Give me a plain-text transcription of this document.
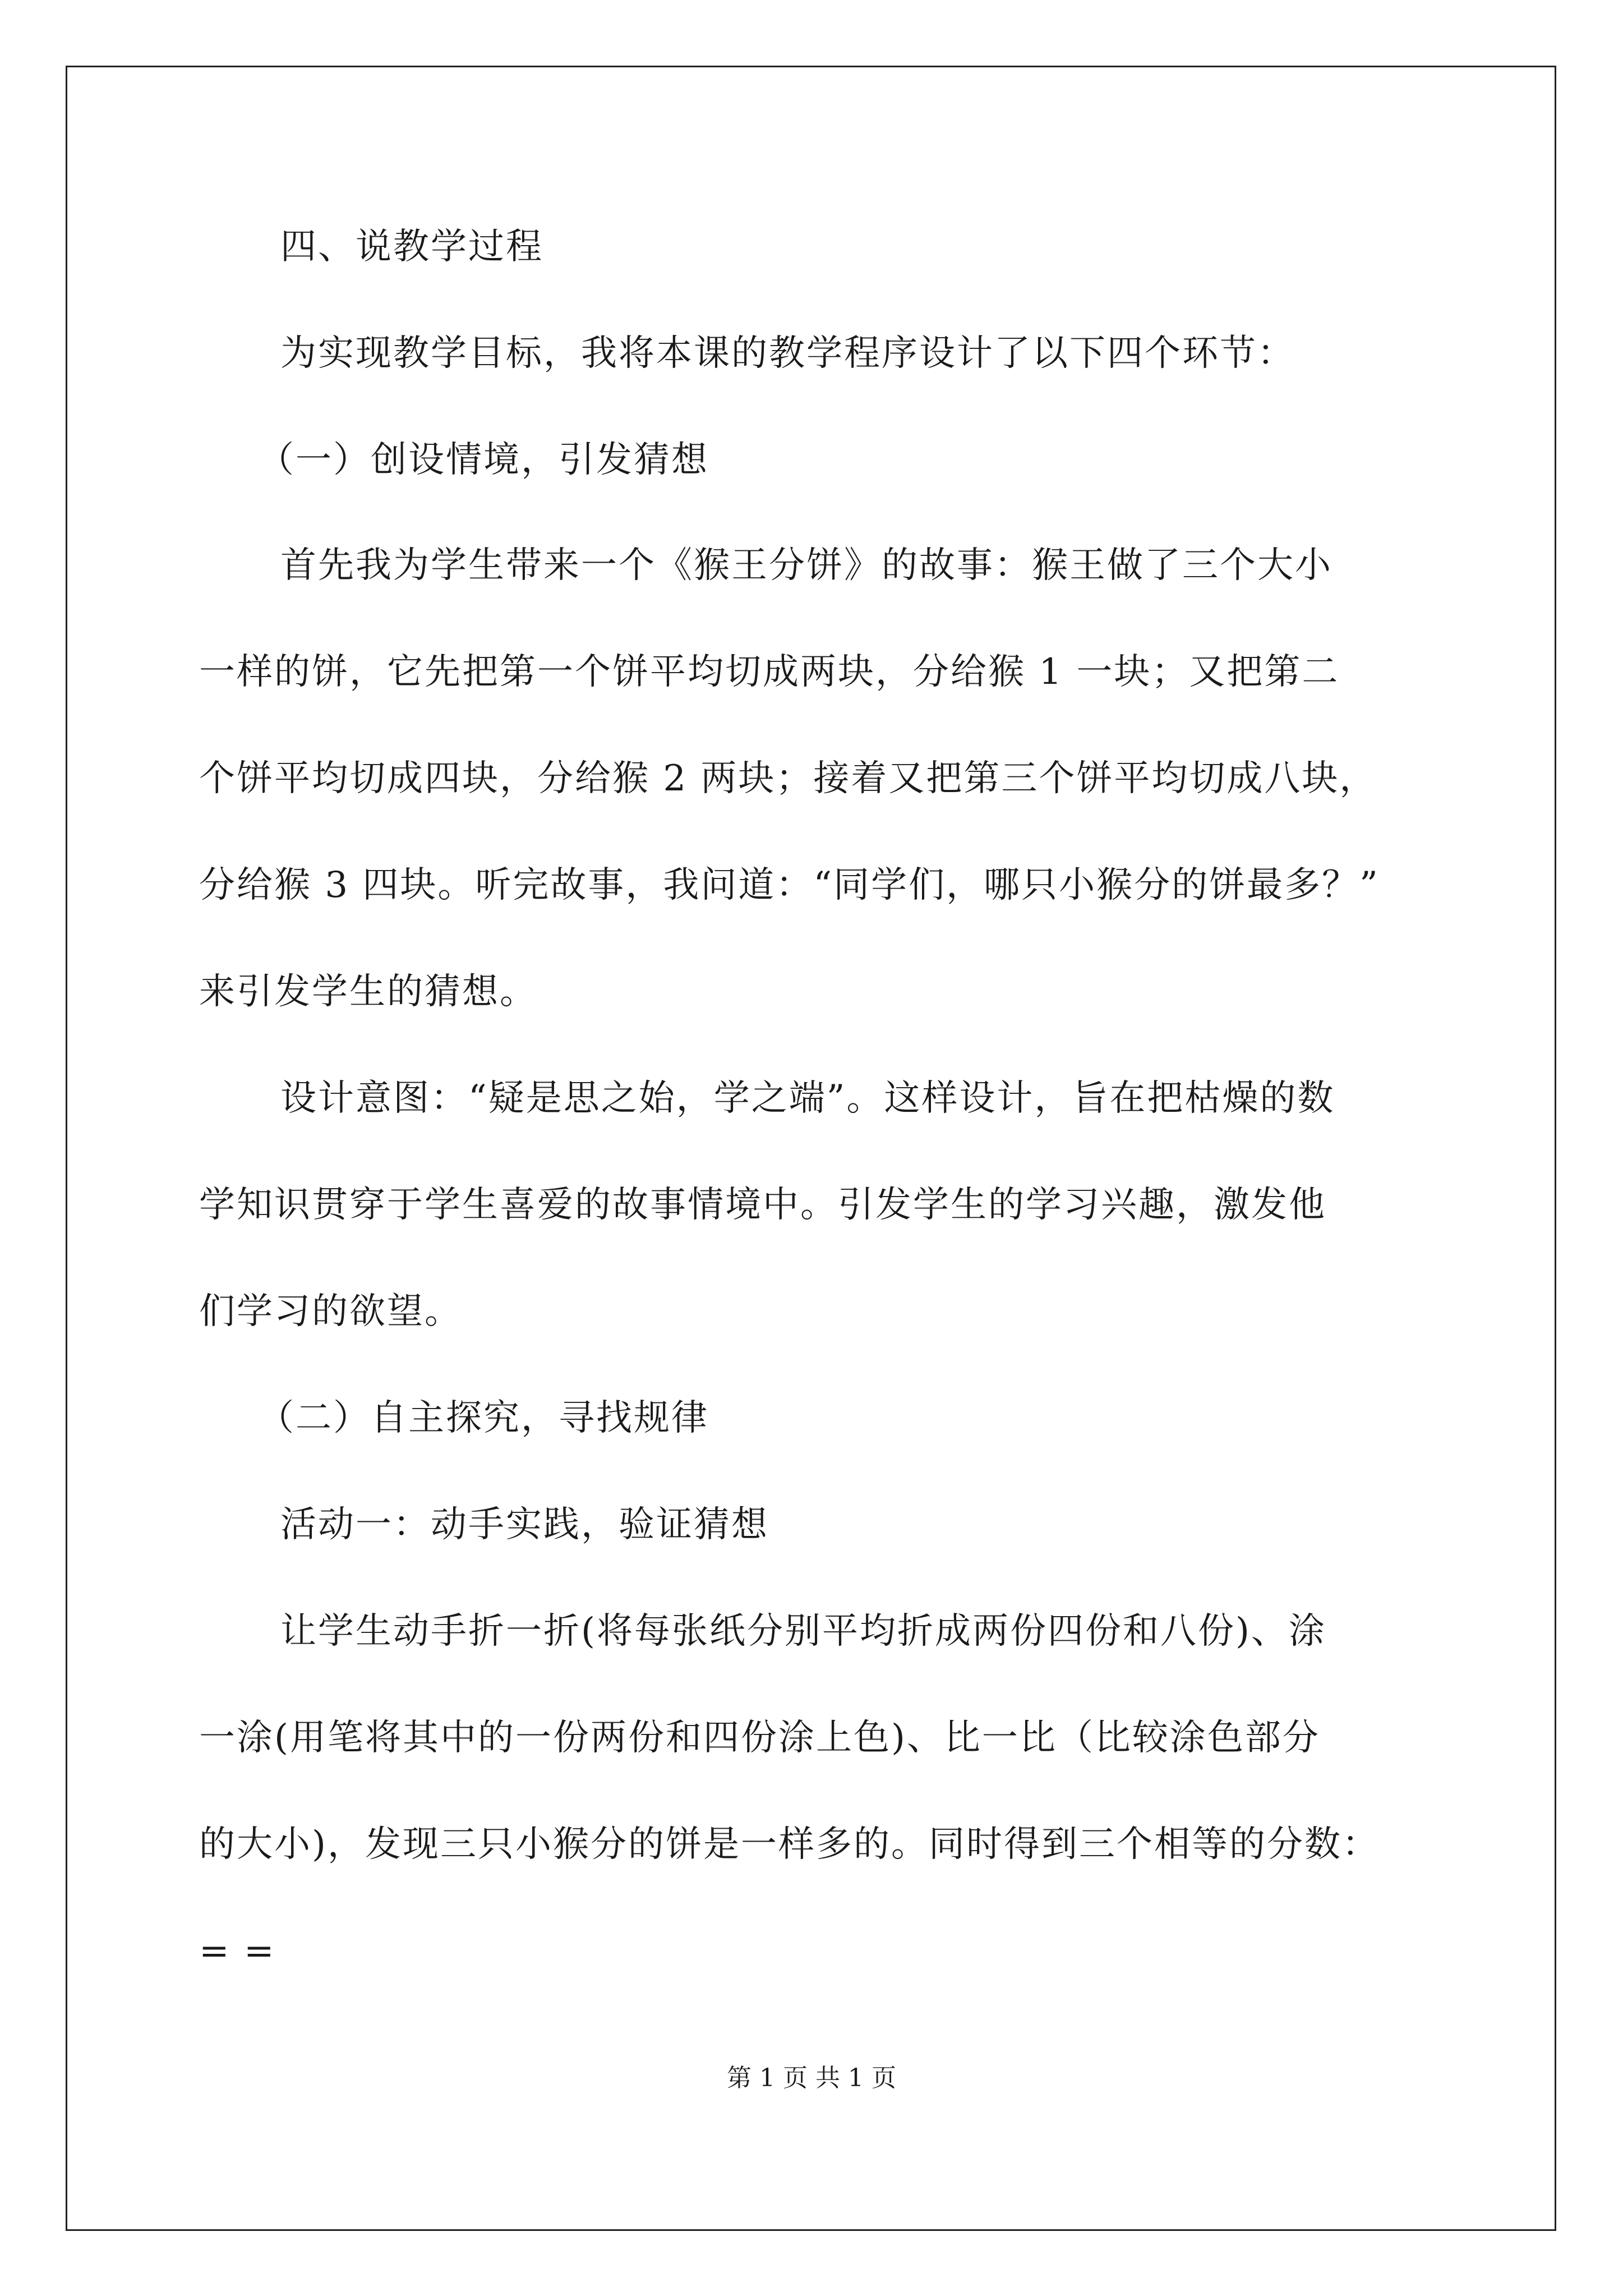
四、说教学过程
为实现教学目标，我将本课的教学程序设计了以下四个环节：
（一）创设情境，引发猜想
首先我为学生带来一个《猴王分饼》的故事：猴王做了三个大小
一样的饼，它先把第一个饼平均切成两块，分给猴 1 一块；又把第二
个饼平均切成四块，分给猴 2 两块；接着又把第三个饼平均切成八块，
分给猴 3 四块。听完故事，我问道：“同学们，哪只小猴分的饼最多？”
来引发学生的猜想。
设计意图：“疑是思之始，学之端”。这样设计，旨在把枯燥的数
学知识贯穿于学生喜爱的故事情境中。引发学生的学习兴趣，激发他
们学习的欲望。
（二）自主探究，寻找规律
活动一：动手实践，验证猜想
让学生动手折一折(将每张纸分别平均折成两份四份和八份)、涂
一涂(用笔将其中的一份两份和四份涂上色)、比一比（比较涂色部分
的大小)，发现三只小猴分的饼是一样多的。同时得到三个相等的分数：
= =
第 1 页 共 1 页
